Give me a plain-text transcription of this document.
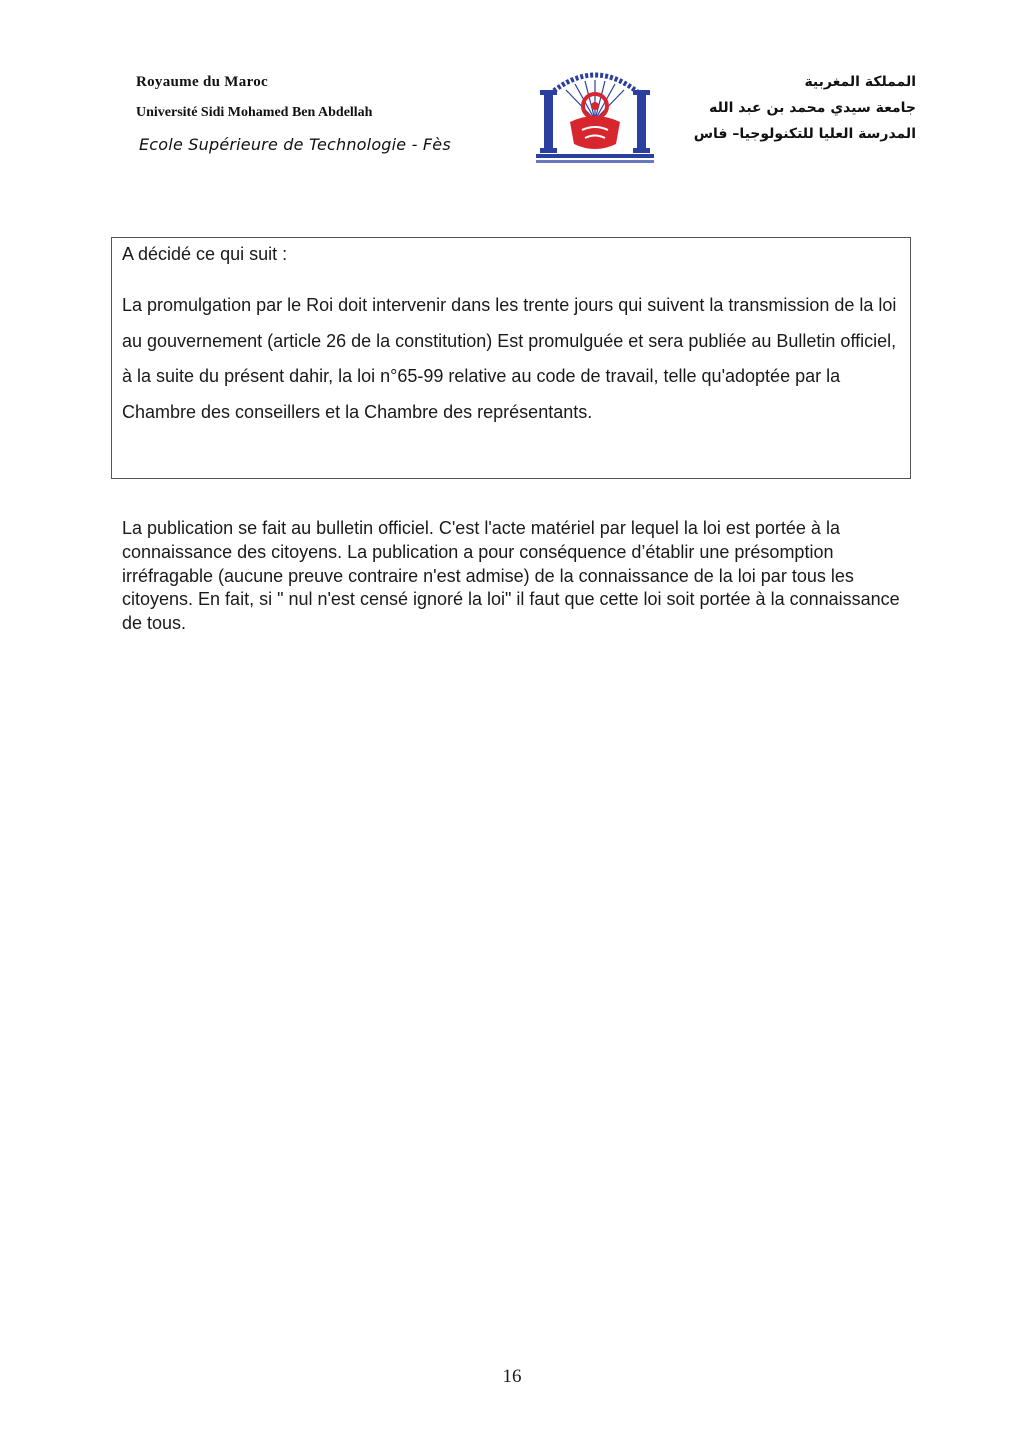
Royaume du Maroc
Université Sidi Mohamed Ben Abdellah
Ecole Supérieure de Technologie - Fès
المملكة المغربية
جامعة سيدي محمد بن عبد الله
المدرسة العليا للتكنولوجيا– فاس

A décidé ce qui suit :

La promulgation par le Roi doit intervenir dans les trente jours qui suivent la transmission de la loi au gouvernement (article 26 de la constitution) Est promulguée et sera publiée au Bulletin officiel, à la suite du présent dahir, la loi n°65-99 relative au code de travail, telle qu'adoptée par la Chambre des conseillers et la Chambre des représentants.

La publication se fait au bulletin officiel. C'est l'acte matériel par lequel la loi est portée à la connaissance des citoyens. La publication a pour conséquence d’établir une présomption irréfragable (aucune preuve contraire n'est admise) de la connaissance de la loi par tous les citoyens. En fait, si " nul n'est censé ignoré la loi" il faut que cette loi soit portée à la connaissance de tous.

16
